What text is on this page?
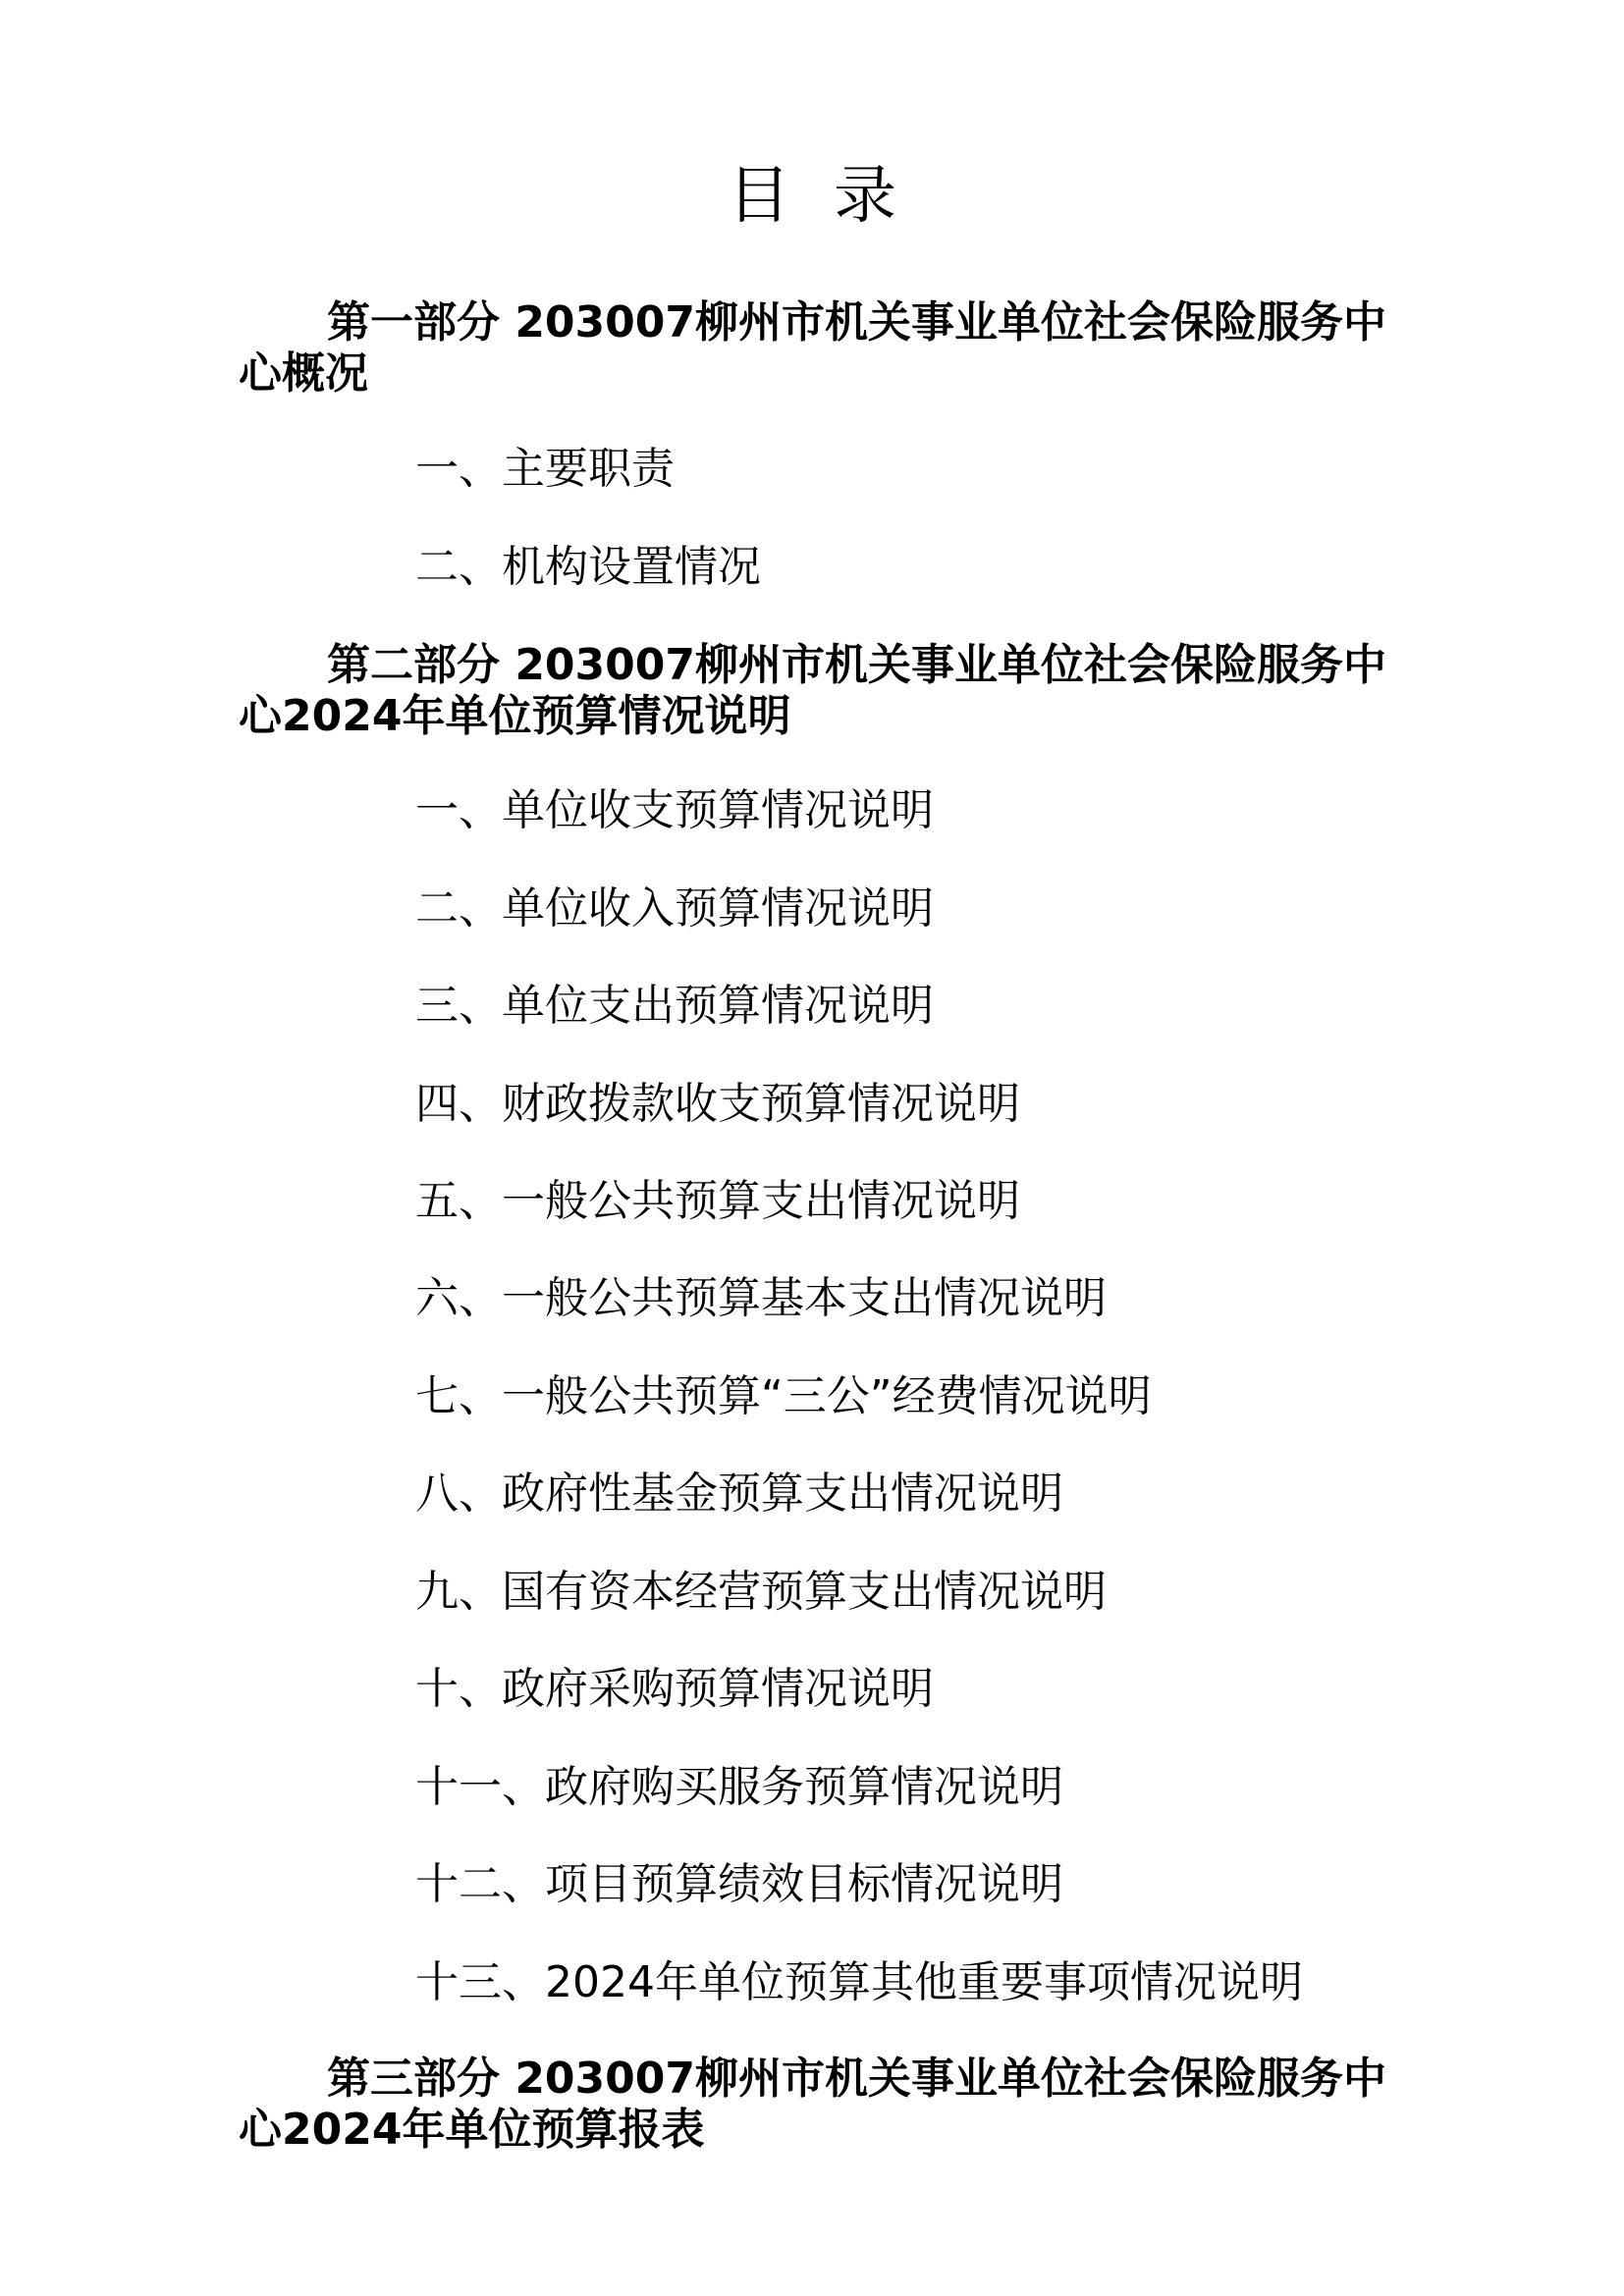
目录
第一部分 203007柳州市机关事业单位社会保险服务中心概况

一、主要职责

二、机构设置情况

第二部分 203007柳州市机关事业单位社会保险服务中心2024年单位预算情况说明

一、单位收支预算情况说明

二、单位收入预算情况说明

三、单位支出预算情况说明

四、财政拨款收支预算情况说明

五、一般公共预算支出情况说明

六、一般公共预算基本支出情况说明

七、一般公共预算“三公”经费情况说明

八、政府性基金预算支出情况说明

九、国有资本经营预算支出情况说明

十、政府采购预算情况说明

十一、政府购买服务预算情况说明

十二、项目预算绩效目标情况说明

十三、2024年单位预算其他重要事项情况说明

第三部分 203007柳州市机关事业单位社会保险服务中心2024年单位预算报表
